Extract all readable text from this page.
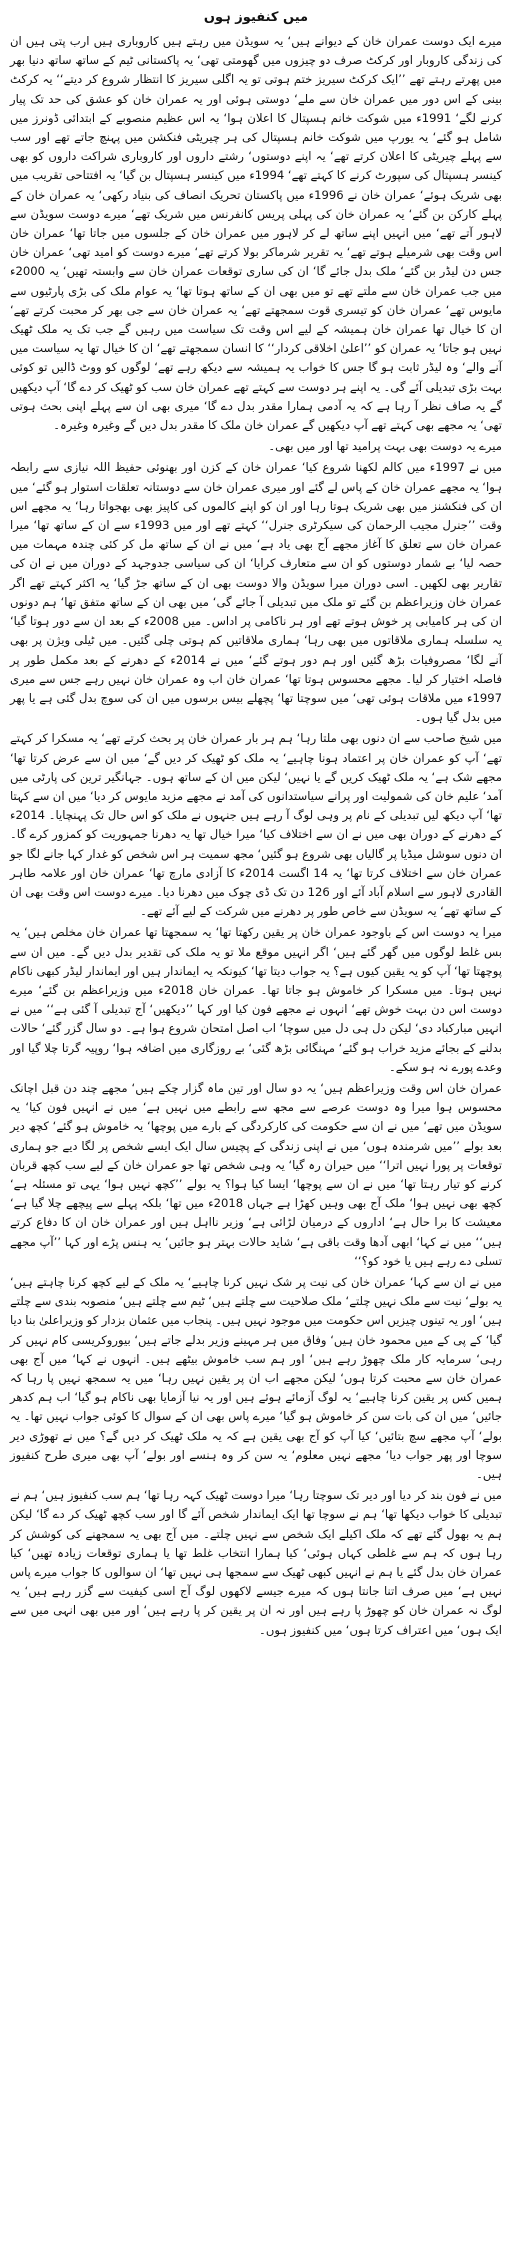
میں کنفیوز ہوں

میرے ایک دوست عمران خان کے دیوانے ہیں‘ یہ سویڈن میں رہتے ہیں کاروباری ہیں ارب پتی ہیں ان کی زندگی کاروبار اور کرکٹ صرف دو چیزوں میں گھومتی تھی‘ یہ پاکستانی ٹیم کے ساتھ ساتھ دنیا بھر میں پھرتے رہتے تھے ’’ایک کرکٹ سیریز ختم ہوتی تو یہ اگلی سیریز کا انتظار شروع کر دیتے‘‘ یہ کرکٹ بینی کے اس دور میں عمران خان سے ملے‘ دوستی ہوئی اور یہ عمران خان کو عشق کی حد تک پیار کرنے لگے‘ 1991ء میں شوکت خانم ہسپتال کا اعلان ہوا‘ یہ اس عظیم منصوبے کے ابتدائی ڈونرز میں شامل ہو گئے‘ یہ یورپ میں شوکت خانم ہسپتال کی ہر چیریٹی فنکشن میں پہنچ جاتے تھے اور سب سے پہلے چیریٹی کا اعلان کرتے تھے‘ یہ اپنے دوستوں‘ رشتے داروں اور کاروباری شراکت داروں کو بھی کینسر ہسپتال کی سپورٹ کرنے کا کہتے تھے‘ 1994ء میں کینسر ہسپتال بن گیا‘ یہ افتتاحی تقریب میں بھی شریک ہوئے‘ عمران خان نے 1996ء میں پاکستان تحریک انصاف کی بنیاد رکھی‘ یہ عمران خان کے پہلے کارکن بن گئے‘ یہ عمران خان کی پہلی پریس کانفرنس میں شریک تھے‘ میرے دوست سویڈن سے لاہور آتے تھے‘ میں انہیں اپنے ساتھ لے کر لاہور میں عمران خان کے جلسوں میں جاتا تھا‘ عمران خان اس وقت بھی شرمیلے ہوتے تھے‘ یہ تقریر شرماکر بولا کرتے تھے‘ میرے دوست کو امید تھی‘ عمران خان جس دن لیڈر بن گئے‘ ملک بدل جائے گا‘ ان کی ساری توقعات عمران خان سے وابستہ تھیں‘ یہ 2000ء میں جب عمران خان سے ملتے تھے تو میں بھی ان کے ساتھ ہوتا تھا‘ یہ عوام ملک کی بڑی پارٹیوں سے مایوس تھے‘ عمران خان کو تیسری قوت سمجھتے تھے‘ یہ عمران خان سے جی بھر کر محبت کرتے تھے‘ ان کا خیال تھا عمران خان ہمیشہ کے لیے اس وقت تک سیاست میں رہیں گے جب تک یہ ملک ٹھیک نہیں ہو جاتا‘ یہ عمران کو ’’اعلیٰ اخلاقی کردار‘‘ کا انسان سمجھتے تھے‘ ان کا خیال تھا یہ سیاست میں آنے والے‘ وہ لیڈر ثابت ہو گا جس کا خواب یہ ہمیشہ سے دیکھ رہے تھے‘ لوگوں کو ووٹ ڈالیں تو کوئی بہت بڑی تبدیلی آئے گی۔ یہ اپنے ہر دوست سے کہتے تھے عمران خان سب کو ٹھیک کر دے گا‘ آپ دیکھیں گے یہ صاف نظر آ رہا ہے کہ یہ آدمی ہمارا مقدر بدل دے گا‘ میری بھی ان سے پہلے اپنی بحث ہوتی تھی‘ یہ مجھے بھی کہتے تھے آپ دیکھیں گے عمران خان ملک کا مقدر بدل دیں گے وغیرہ وغیرہ۔

میرے یہ دوست بھی بہت پرامید تھا اور میں بھی۔

میں نے 1997ء میں کالم لکھنا شروع کیا‘ عمران خان کے کزن اور بھنوئی حفیظ اللہ نیازی سے رابطہ ہوا‘ یہ مجھے عمران خان کے پاس لے گئے اور میری عمران خان سے دوستانہ تعلقات استوار ہو گئے‘ میں ان کی فنکشنز میں بھی شریک ہوتا رہا اور ان کو اپنے کالموں کی کاپیز بھی بھجواتا رہا‘ یہ مجھے اس وقت ’’جنرل مجیب الرحمان کی سیکرٹری جنرل‘‘ کہتے تھے اور میں 1993ء سے ان کے ساتھ تھا‘ میرا عمران خان سے تعلق کا آغاز مجھے آج بھی یاد ہے‘ میں نے ان کے ساتھ مل کر کئی چندہ مہمات میں حصہ لیا‘ بے شمار دوستوں کو ان سے متعارف کرایا‘ ان کی سیاسی جدوجہد کے دوران میں نے ان کی تقاریر بھی لکھیں۔ اسی دوران میرا سویڈن والا دوست بھی ان کے ساتھ جڑ گیا‘ یہ اکثر کہتے تھے اگر عمران خان وزیراعظم بن گئے تو ملک میں تبدیلی آ جائے گی‘ میں بھی ان کے ساتھ متفق تھا‘ ہم دونوں ان کی ہر کامیابی پر خوش ہوتے تھے اور ہر ناکامی پر اداس۔ میں 2008ء کے بعد ان سے دور ہوتا گیا‘ یہ سلسلہ ہماری ملاقاتوں میں بھی رہا‘ ہماری ملاقاتیں کم ہوتی چلی گئیں۔ میں ٹیلی ویژن پر بھی آنے لگا‘ مصروفیات بڑھ گئیں اور ہم دور ہوتے گئے‘ میں نے 2014ء کے دھرنے کے بعد مکمل طور پر فاصلہ اختیار کر لیا۔ مجھے محسوس ہوتا تھا‘ عمران خان اب وہ عمران خان نہیں رہے جس سے میری 1997ء میں ملاقات ہوئی تھی‘ میں سوچتا تھا‘ پچھلے بیس برسوں میں ان کی سوچ بدل گئی ہے یا پھر میں بدل گیا ہوں۔

میں شیخ صاحب سے ان دنوں بھی ملتا رہا‘ ہم ہر بار عمران خان پر بحث کرتے تھے‘ یہ مسکرا کر کہتے تھے‘ آپ کو عمران خان پر اعتماد ہونا چاہیے‘ یہ ملک کو ٹھیک کر دیں گے‘ میں ان سے عرض کرتا تھا‘ مجھے شک ہے‘ یہ ملک ٹھیک کریں گے یا نہیں‘ لیکن میں ان کے ساتھ ہوں۔ جہانگیر ترین کی پارٹی میں آمد‘ علیم خان کی شمولیت اور پرانے سیاستدانوں کی آمد نے مجھے مزید مایوس کر دیا‘ میں ان سے کہتا تھا‘ آپ دیکھ لیں تبدیلی کے نام پر وہی لوگ آ رہے ہیں جنہوں نے ملک کو اس حال تک پہنچایا۔ 2014ء کے دھرنے کے دوران بھی میں نے ان سے اختلاف کیا‘ میرا خیال تھا یہ دھرنا جمہوریت کو کمزور کرے گا۔ ان دنوں سوشل میڈیا پر گالیاں بھی شروع ہو گئیں‘ مجھ سمیت ہر اس شخص کو غدار کہا جانے لگا جو عمران خان سے اختلاف کرتا تھا‘ یہ 14 اگست 2014ء کا آزادی مارچ تھا‘ عمران خان اور علامہ طاہر القادری لاہور سے اسلام آباد آئے اور 126 دن تک ڈی چوک میں دھرنا دیا۔ میرے دوست اس وقت بھی ان کے ساتھ تھے‘ یہ سویڈن سے خاص طور پر دھرنے میں شرکت کے لیے آئے تھے۔

میرا یہ دوست اس کے باوجود عمران خان پر یقین رکھتا تھا‘ یہ سمجھتا تھا عمران خان مخلص ہیں‘ یہ بس غلط لوگوں میں گھر گئے ہیں‘ اگر انہیں موقع ملا تو یہ ملک کی تقدیر بدل دیں گے۔ میں ان سے پوچھتا تھا‘ آپ کو یہ یقین کیوں ہے؟ یہ جواب دیتا تھا‘ کیونکہ یہ ایماندار ہیں اور ایماندار لیڈر کبھی ناکام نہیں ہوتا۔ میں مسکرا کر خاموش ہو جاتا تھا۔ عمران خان 2018ء میں وزیراعظم بن گئے‘ میرے دوست اس دن بہت خوش تھے‘ انہوں نے مجھے فون کیا اور کہا ’’دیکھیں‘ آج تبدیلی آ گئی ہے‘‘ میں نے انہیں مبارکباد دی‘ لیکن دل ہی دل میں سوچا‘ اب اصل امتحان شروع ہوا ہے۔ دو سال گزر گئے‘ حالات بدلنے کے بجائے مزید خراب ہو گئے‘ مہنگائی بڑھ گئی‘ بے روزگاری میں اضافہ ہوا‘ روپیہ گرتا چلا گیا اور وعدے پورے نہ ہو سکے۔

عمران خان اس وقت وزیراعظم ہیں‘ یہ دو سال اور تین ماہ گزار چکے ہیں‘ مجھے چند دن قبل اچانک محسوس ہوا میرا وہ دوست عرصے سے مجھ سے رابطے میں نہیں ہے‘ میں نے انہیں فون کیا‘ یہ سویڈن میں تھے‘ میں نے ان سے حکومت کی کارکردگی کے بارے میں پوچھا‘ یہ خاموش ہو گئے‘ کچھ دیر بعد بولے ’’میں شرمندہ ہوں‘ میں نے اپنی زندگی کے پچیس سال ایک ایسے شخص پر لگا دیے جو ہماری توقعات پر پورا نہیں اترا‘‘ میں حیران رہ گیا‘ یہ وہی شخص تھا جو عمران خان کے لیے سب کچھ قربان کرنے کو تیار رہتا تھا‘ میں نے ان سے پوچھا‘ ایسا کیا ہوا؟ یہ بولے ’’کچھ نہیں ہوا‘ یہی تو مسئلہ ہے‘ کچھ بھی نہیں ہوا‘ ملک آج بھی وہیں کھڑا ہے جہاں 2018ء میں تھا‘ بلکہ پہلے سے پیچھے چلا گیا ہے‘ معیشت کا برا حال ہے‘ اداروں کے درمیان لڑائی ہے‘ وزیر نااہل ہیں اور عمران خان ان کا دفاع کرتے ہیں‘‘ میں نے کہا‘ ابھی آدھا وقت باقی ہے‘ شاید حالات بہتر ہو جائیں‘ یہ ہنس پڑے اور کہا ’’آپ مجھے تسلی دے رہے ہیں یا خود کو؟‘‘

میں نے ان سے کہا‘ عمران خان کی نیت پر شک نہیں کرنا چاہیے‘ یہ ملک کے لیے کچھ کرنا چاہتے ہیں‘ یہ بولے‘ نیت سے ملک نہیں چلتے‘ ملک صلاحیت سے چلتے ہیں‘ ٹیم سے چلتے ہیں‘ منصوبہ بندی سے چلتے ہیں‘ اور یہ تینوں چیزیں اس حکومت میں موجود نہیں ہیں۔ پنجاب میں عثمان بزدار کو وزیراعلیٰ بنا دیا گیا‘ کے پی کے میں محمود خان ہیں‘ وفاق میں ہر مہینے وزیر بدلے جاتے ہیں‘ بیوروکریسی کام نہیں کر رہی‘ سرمایہ کار ملک چھوڑ رہے ہیں‘ اور ہم سب خاموش بیٹھے ہیں۔ انہوں نے کہا‘ میں آج بھی عمران خان سے محبت کرتا ہوں‘ لیکن مجھے اب ان پر یقین نہیں رہا‘ میں یہ سمجھ نہیں پا رہا کہ ہمیں کس پر یقین کرنا چاہیے‘ یہ لوگ آزمائے ہوئے ہیں اور یہ نیا آزمایا بھی ناکام ہو گیا‘ اب ہم کدھر جائیں‘ میں ان کی بات سن کر خاموش ہو گیا‘ میرے پاس بھی ان کے سوال کا کوئی جواب نہیں تھا۔ یہ بولے‘ آپ مجھے سچ بتائیں‘ کیا آپ کو آج بھی یقین ہے کہ یہ ملک ٹھیک کر دیں گے؟ میں نے تھوڑی دیر سوچا اور پھر جواب دیا‘ مجھے نہیں معلوم‘ یہ سن کر وہ ہنسے اور بولے‘ آپ بھی میری طرح کنفیوز ہیں۔

میں نے فون بند کر دیا اور دیر تک سوچتا رہا‘ میرا دوست ٹھیک کہہ رہا تھا‘ ہم سب کنفیوز ہیں‘ ہم نے تبدیلی کا خواب دیکھا تھا‘ ہم نے سوچا تھا ایک ایماندار شخص آئے گا اور سب کچھ ٹھیک کر دے گا‘ لیکن ہم یہ بھول گئے تھے کہ ملک اکیلے ایک شخص سے نہیں چلتے۔ میں آج بھی یہ سمجھنے کی کوشش کر رہا ہوں کہ ہم سے غلطی کہاں ہوئی‘ کیا ہمارا انتخاب غلط تھا یا ہماری توقعات زیادہ تھیں‘ کیا عمران خان بدل گئے یا ہم نے انہیں کبھی ٹھیک سے سمجھا ہی نہیں تھا‘ ان سوالوں کا جواب میرے پاس نہیں ہے‘ میں صرف اتنا جانتا ہوں کہ میرے جیسے لاکھوں لوگ آج اسی کیفیت سے گزر رہے ہیں‘ یہ لوگ نہ عمران خان کو چھوڑ پا رہے ہیں اور نہ ان پر یقین کر پا رہے ہیں‘ اور میں بھی انہی میں سے ایک ہوں‘ میں اعتراف کرتا ہوں‘ میں کنفیوز ہوں۔
